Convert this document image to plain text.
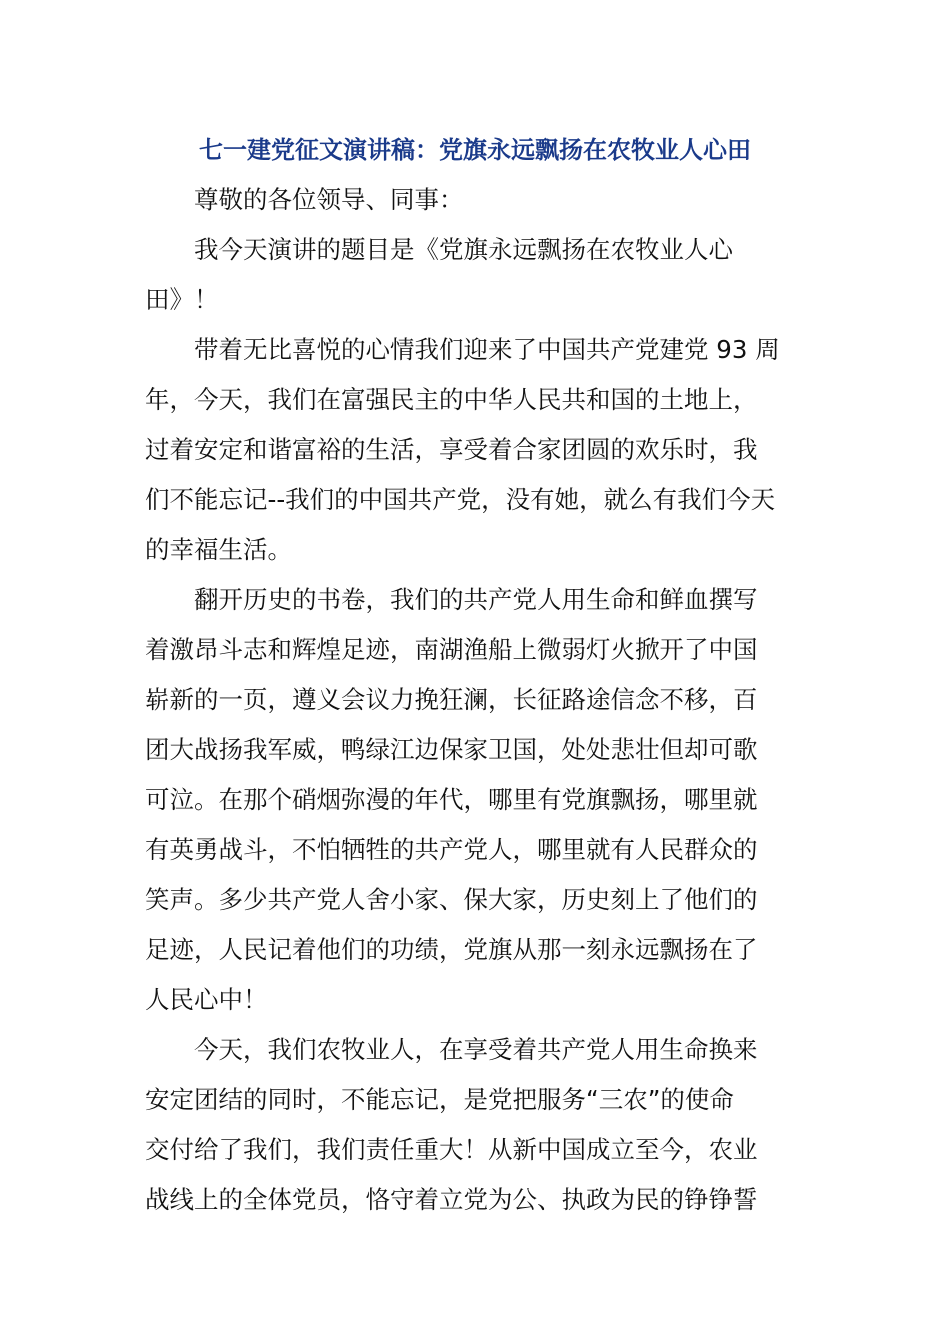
七一建党征文演讲稿：党旗永远飘扬在农牧业人心田
尊敬的各位领导、同事：
我今天演讲的题目是《党旗永远飘扬在农牧业人心
田》！
带着无比喜悦的心情我们迎来了中国共产党建党 93 周
年，今天，我们在富强民主的中华人民共和国的土地上，
过着安定和谐富裕的生活，享受着合家团圆的欢乐时，我
们不能忘记--我们的中国共产党，没有她，就么有我们今天
的幸福生活。
翻开历史的书卷，我们的共产党人用生命和鲜血撰写
着激昂斗志和辉煌足迹，南湖渔船上微弱灯火掀开了中国
崭新的一页，遵义会议力挽狂澜，长征路途信念不移，百
团大战扬我军威，鸭绿江边保家卫国，处处悲壮但却可歌
可泣。在那个硝烟弥漫的年代，哪里有党旗飘扬，哪里就
有英勇战斗，不怕牺牲的共产党人，哪里就有人民群众的
笑声。多少共产党人舍小家、保大家，历史刻上了他们的
足迹，人民记着他们的功绩，党旗从那一刻永远飘扬在了
人民心中！
今天，我们农牧业人，在享受着共产党人用生命换来
安定团结的同时，不能忘记，是党把服务“三农”的使命
交付给了我们，我们责任重大！从新中国成立至今，农业
战线上的全体党员，恪守着立党为公、执政为民的铮铮誓
